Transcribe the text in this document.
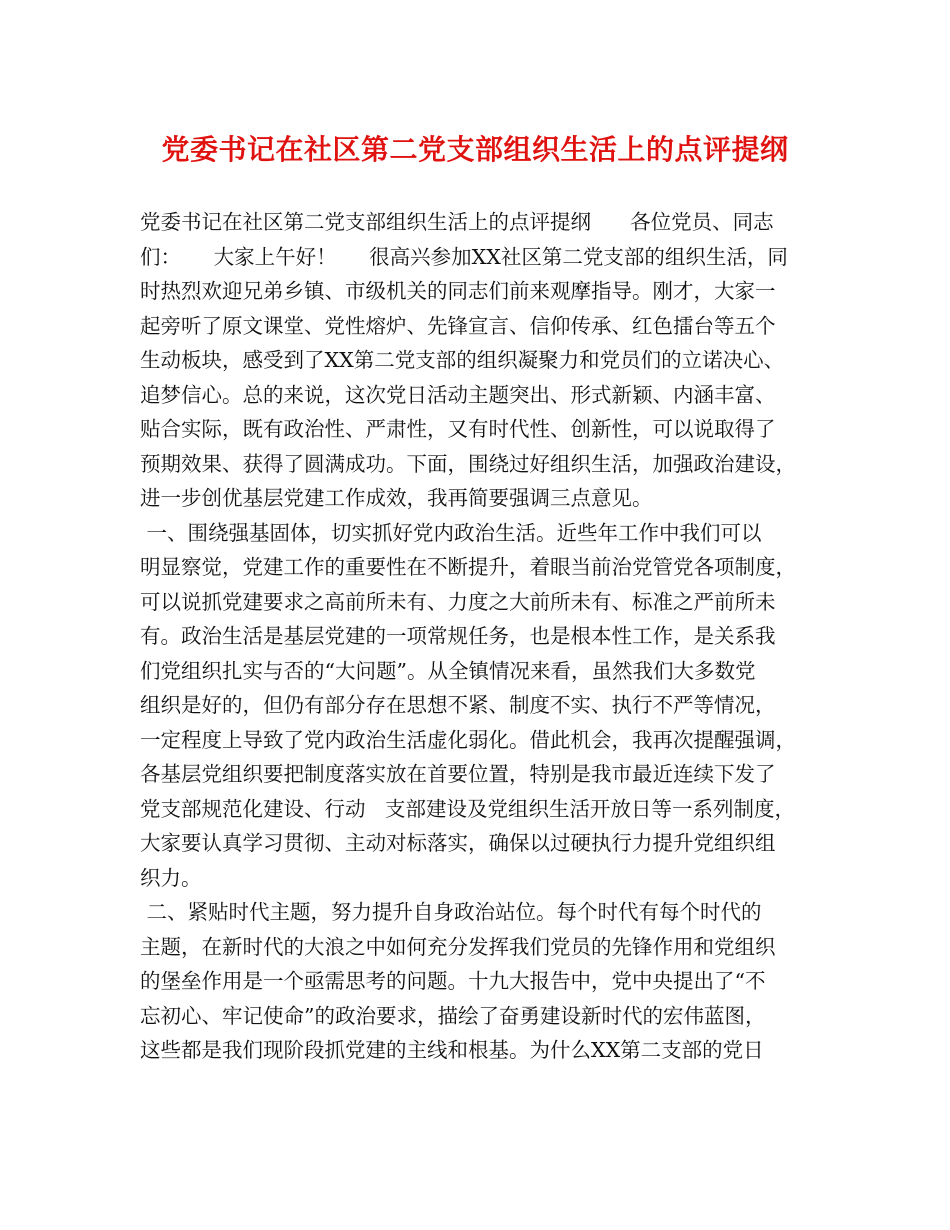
党委书记在社区第二党支部组织生活上的点评提纲
党委书记在社区第二党支部组织生活上的点评提纲      各位党员、同志
们：     大家上午好！     很高兴参加XX社区第二党支部的组织生活，同
时热烈欢迎兄弟乡镇、市级机关的同志们前来观摩指导。刚才，大家一
起旁听了原文课堂、党性熔炉、先锋宣言、信仰传承、红色擂台等五个
生动板块，感受到了XX第二党支部的组织凝聚力和党员们的立诺决心、
追梦信心。总的来说，这次党日活动主题突出、形式新颖、内涵丰富、
贴合实际，既有政治性、严肃性，又有时代性、创新性，可以说取得了
预期效果、获得了圆满成功。下面，围绕过好组织生活，加强政治建设，
进一步创优基层党建工作成效，我再简要强调三点意见。
一、围绕强基固体，切实抓好党内政治生活。近些年工作中我们可以
明显察觉，党建工作的重要性在不断提升，着眼当前治党管党各项制度，
可以说抓党建要求之高前所未有、力度之大前所未有、标准之严前所未
有。政治生活是基层党建的一项常规任务，也是根本性工作，是关系我
们党组织扎实与否的“大问题”。从全镇情况来看，虽然我们大多数党
组织是好的，但仍有部分存在思想不紧、制度不实、执行不严等情况，
一定程度上导致了党内政治生活虚化弱化。借此机会，我再次提醒强调，
各基层党组织要把制度落实放在首要位置，特别是我市最近连续下发了
党支部规范化建设、行动   支部建设及党组织生活开放日等一系列制度，
大家要认真学习贯彻、主动对标落实，确保以过硬执行力提升党组织组
织力。
二、紧贴时代主题，努力提升自身政治站位。每个时代有每个时代的
主题，在新时代的大浪之中如何充分发挥我们党员的先锋作用和党组织
的堡垒作用是一个亟需思考的问题。十九大报告中，党中央提出了“不
忘初心、牢记使命”的政治要求，描绘了奋勇建设新时代的宏伟蓝图，
这些都是我们现阶段抓党建的主线和根基。为什么XX第二支部的党日
